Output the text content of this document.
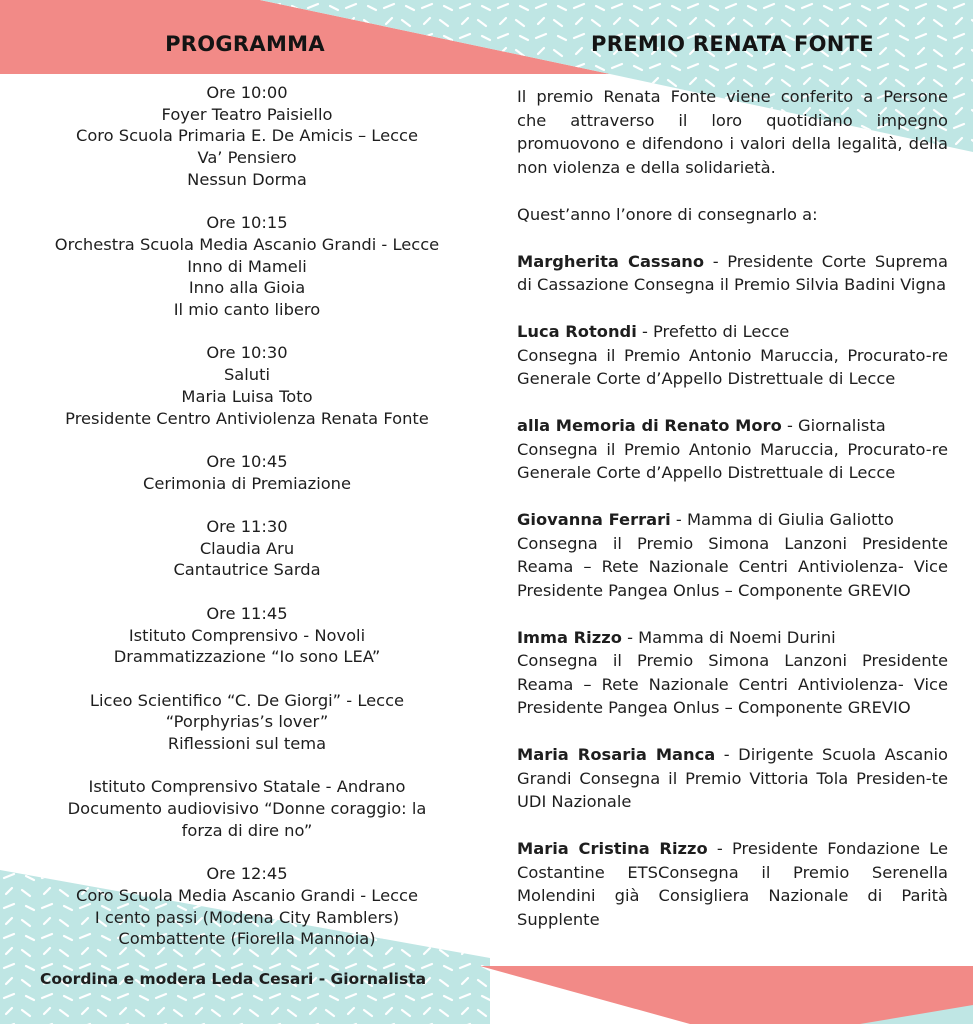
PROGRAMMA	PREMIO RENATA FONTE
Ore 10:00
Foyer Teatro Paisiello
Coro Scuola Primaria E. De Amicis – Lecce
Va’ Pensiero
Nessun Dorma
Ore 10:15
Orchestra Scuola Media Ascanio Grandi - Lecce
Inno di Mameli
Inno alla Gioia
Il mio canto libero
Ore 10:30
Saluti
Maria Luisa Toto
Presidente Centro Antiviolenza Renata Fonte
Ore 10:45
Cerimonia di Premiazione
Ore 11:30
Claudia Aru
Cantautrice Sarda
Ore 11:45
Istituto Comprensivo - Novoli
Drammatizzazione “Io sono LEA”
Liceo Scientifico “C. De Giorgi” - Lecce
“Porphyrias’s lover”
Riflessioni sul tema
Istituto Comprensivo Statale - Andrano
Documento audiovisivo “Donne coraggio: la
forza di dire no”
Ore 12:45
Coro Scuola Media Ascanio Grandi - Lecce
I cento passi (Modena City Ramblers)
Combattente (Fiorella Mannoia)
Coordina e modera Leda Cesari - Giornalista

Il premio Renata Fonte viene conferito a Persone che attraverso il loro quotidiano impegno promuovono e difendono i valori della legalità, della non violenza e della solidarietà.

Quest’anno l’onore di consegnarlo a:

Margherita Cassano - Presidente Corte Suprema di Cassazione Consegna il Premio Silvia Badini Vigna
Luca Rotondi - Prefetto di Lecce
Consegna il Premio Antonio Maruccia, Procurato-re Generale Corte d’Appello Distrettuale di Lecce
alla Memoria di Renato Moro - Giornalista
Consegna il Premio Antonio Maruccia, Procurato-re Generale Corte d’Appello Distrettuale di Lecce
Giovanna Ferrari - Mamma di Giulia Galiotto
Consegna il Premio Simona Lanzoni Presidente Reama – Rete Nazionale Centri Antiviolenza- Vice Presidente Pangea Onlus – Componente GREVIO
Imma Rizzo - Mamma di Noemi Durini
Consegna il Premio Simona Lanzoni Presidente Reama – Rete Nazionale Centri Antiviolenza- Vice Presidente Pangea Onlus – Componente GREVIO
Maria Rosaria Manca - Dirigente Scuola Ascanio Grandi Consegna il Premio Vittoria Tola Presiden-te UDI Nazionale
Maria Cristina Rizzo - Presidente Fondazione Le Costantine ETSConsegna il Premio Serenella Molendini già Consigliera Nazionale di Parità Supplente
